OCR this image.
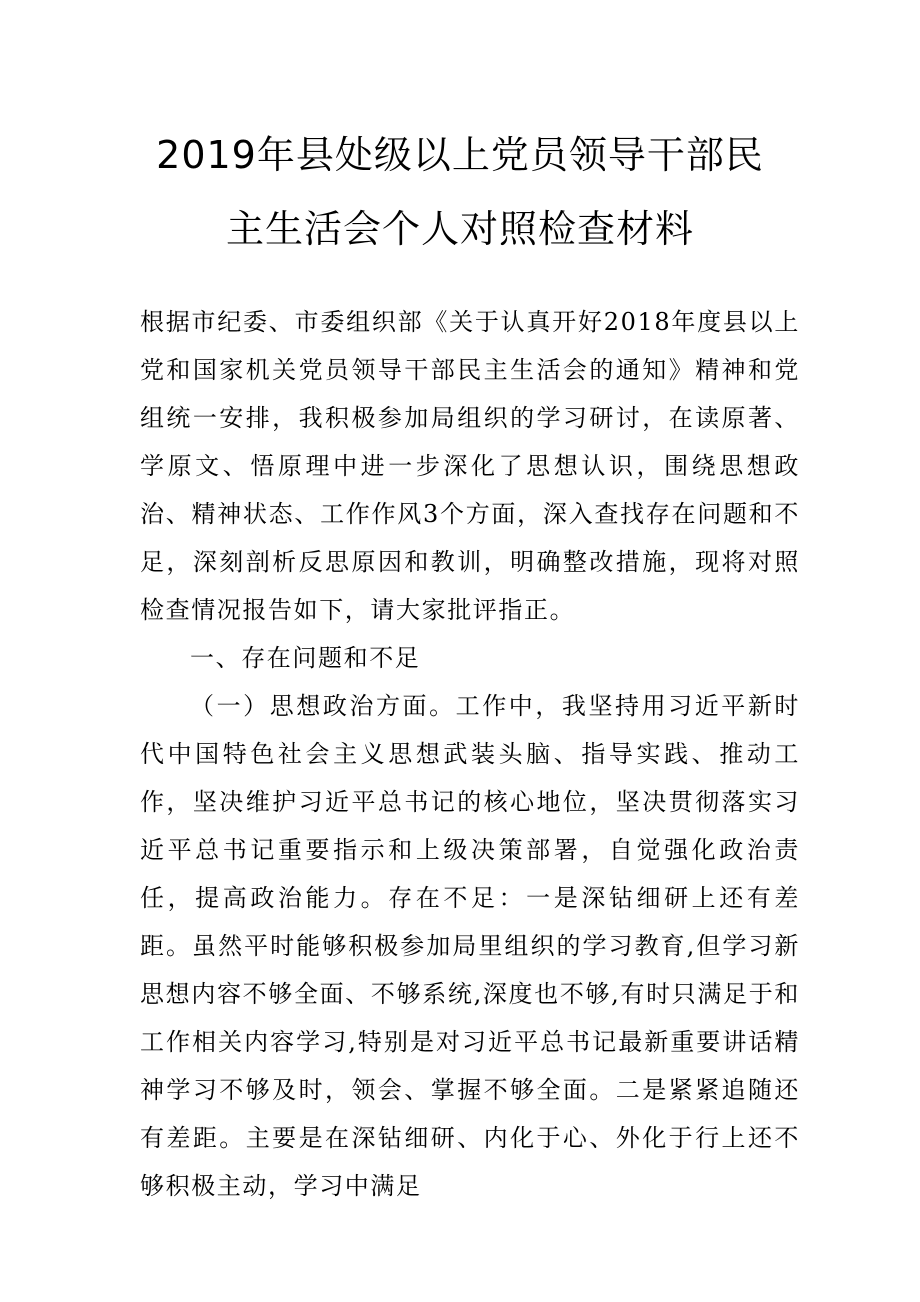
2019年县处级以上党员领导干部民
主生活会个人对照检查材料

根据市纪委、市委组织部《关于认真开好2018年度县以上党和国家机关党员领导干部民主生活会的通知》精神和党组统一安排，我积极参加局组织的学习研讨，在读原著、学原文、悟原理中进一步深化了思想认识，围绕思想政治、精神状态、工作作风3个方面，深入查找存在问题和不足，深刻剖析反思原因和教训，明确整改措施，现将对照检查情况报告如下，请大家批评指正。

一、存在问题和不足

（一）思想政治方面。工作中，我坚持用习近平新时代中国特色社会主义思想武装头脑、指导实践、推动工作，坚决维护习近平总书记的核心地位，坚决贯彻落实习近平总书记重要指示和上级决策部署，自觉强化政治责任，提高政治能力。存在不足：一是深钻细研上还有差距。虽然平时能够积极参加局里组织的学习教育,但学习新思想内容不够全面、不够系统,深度也不够,有时只满足于和工作相关内容学习,特别是对习近平总书记最新重要讲话精神学习不够及时，领会、掌握不够全面。二是紧紧追随还有差距。主要是在深钻细研、内化于心、外化于行上还不够积极主动，学习中满足
